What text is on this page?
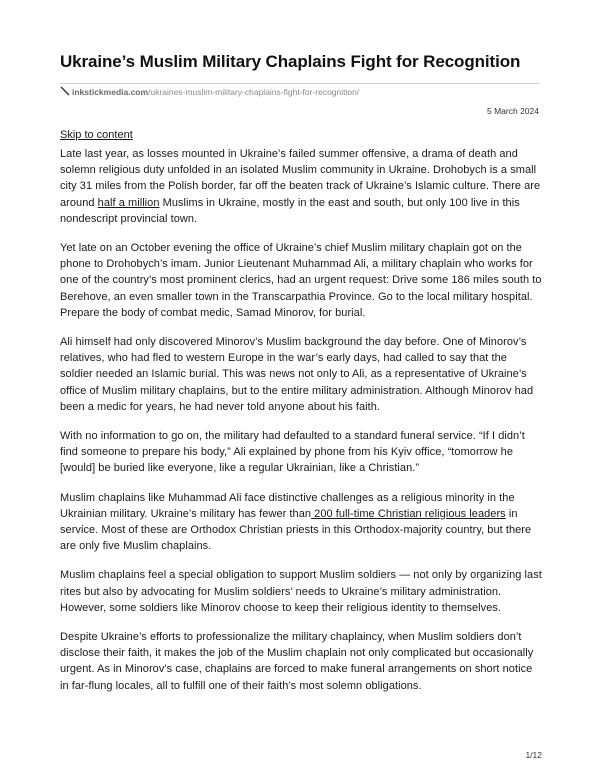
Ukraine’s Muslim Military Chaplains Fight for Recognition
inkstickmedia.com/ukraines-muslim-military-chaplains-fight-for-recognition/
5 March 2024
Skip to content

Late last year, as losses mounted in Ukraine’s failed summer offensive, a drama of death and solemn religious duty unfolded in an isolated Muslim community in Ukraine. Drohobych is a small city 31 miles from the Polish border, far off the beaten track of Ukraine’s Islamic culture. There are around half a million Muslims in Ukraine, mostly in the east and south, but only 100 live in this nondescript provincial town.

Yet late on an October evening the office of Ukraine’s chief Muslim military chaplain got on the phone to Drohobych’s imam. Junior Lieutenant Muhammad Ali, a military chaplain who works for one of the country’s most prominent clerics, had an urgent request: Drive some 186 miles south to Berehove, an even smaller town in the Transcarpathia Province. Go to the local military hospital. Prepare the body of combat medic, Samad Minorov, for burial.

Ali himself had only discovered Minorov’s Muslim background the day before. One of Minorov’s relatives, who had fled to western Europe in the war’s early days, had called to say that the soldier needed an Islamic burial. This was news not only to Ali, as a representative of Ukraine’s office of Muslim military chaplains, but to the entire military administration. Although Minorov had been a medic for years, he had never told anyone about his faith.

With no information to go on, the military had defaulted to a standard funeral service. “If I didn’t find someone to prepare his body,” Ali explained by phone from his Kyiv office, “tomorrow he [would] be buried like everyone, like a regular Ukrainian, like a Christian.”

Muslim chaplains like Muhammad Ali face distinctive challenges as a religious minority in the Ukrainian military. Ukraine’s military has fewer than 200 full-time Christian religious leaders in service. Most of these are Orthodox Christian priests in this Orthodox-majority country, but there are only five Muslim chaplains.

Muslim chaplains feel a special obligation to support Muslim soldiers — not only by organizing last rites but also by advocating for Muslim soldiers’ needs to Ukraine’s military administration. However, some soldiers like Minorov choose to keep their religious identity to themselves.

Despite Ukraine’s efforts to professionalize the military chaplaincy, when Muslim soldiers don’t disclose their faith, it makes the job of the Muslim chaplain not only complicated but occasionally urgent. As in Minorov’s case, chaplains are forced to make funeral arrangements on short notice in far-flung locales, all to fulfill one of their faith’s most solemn obligations.

1/12
